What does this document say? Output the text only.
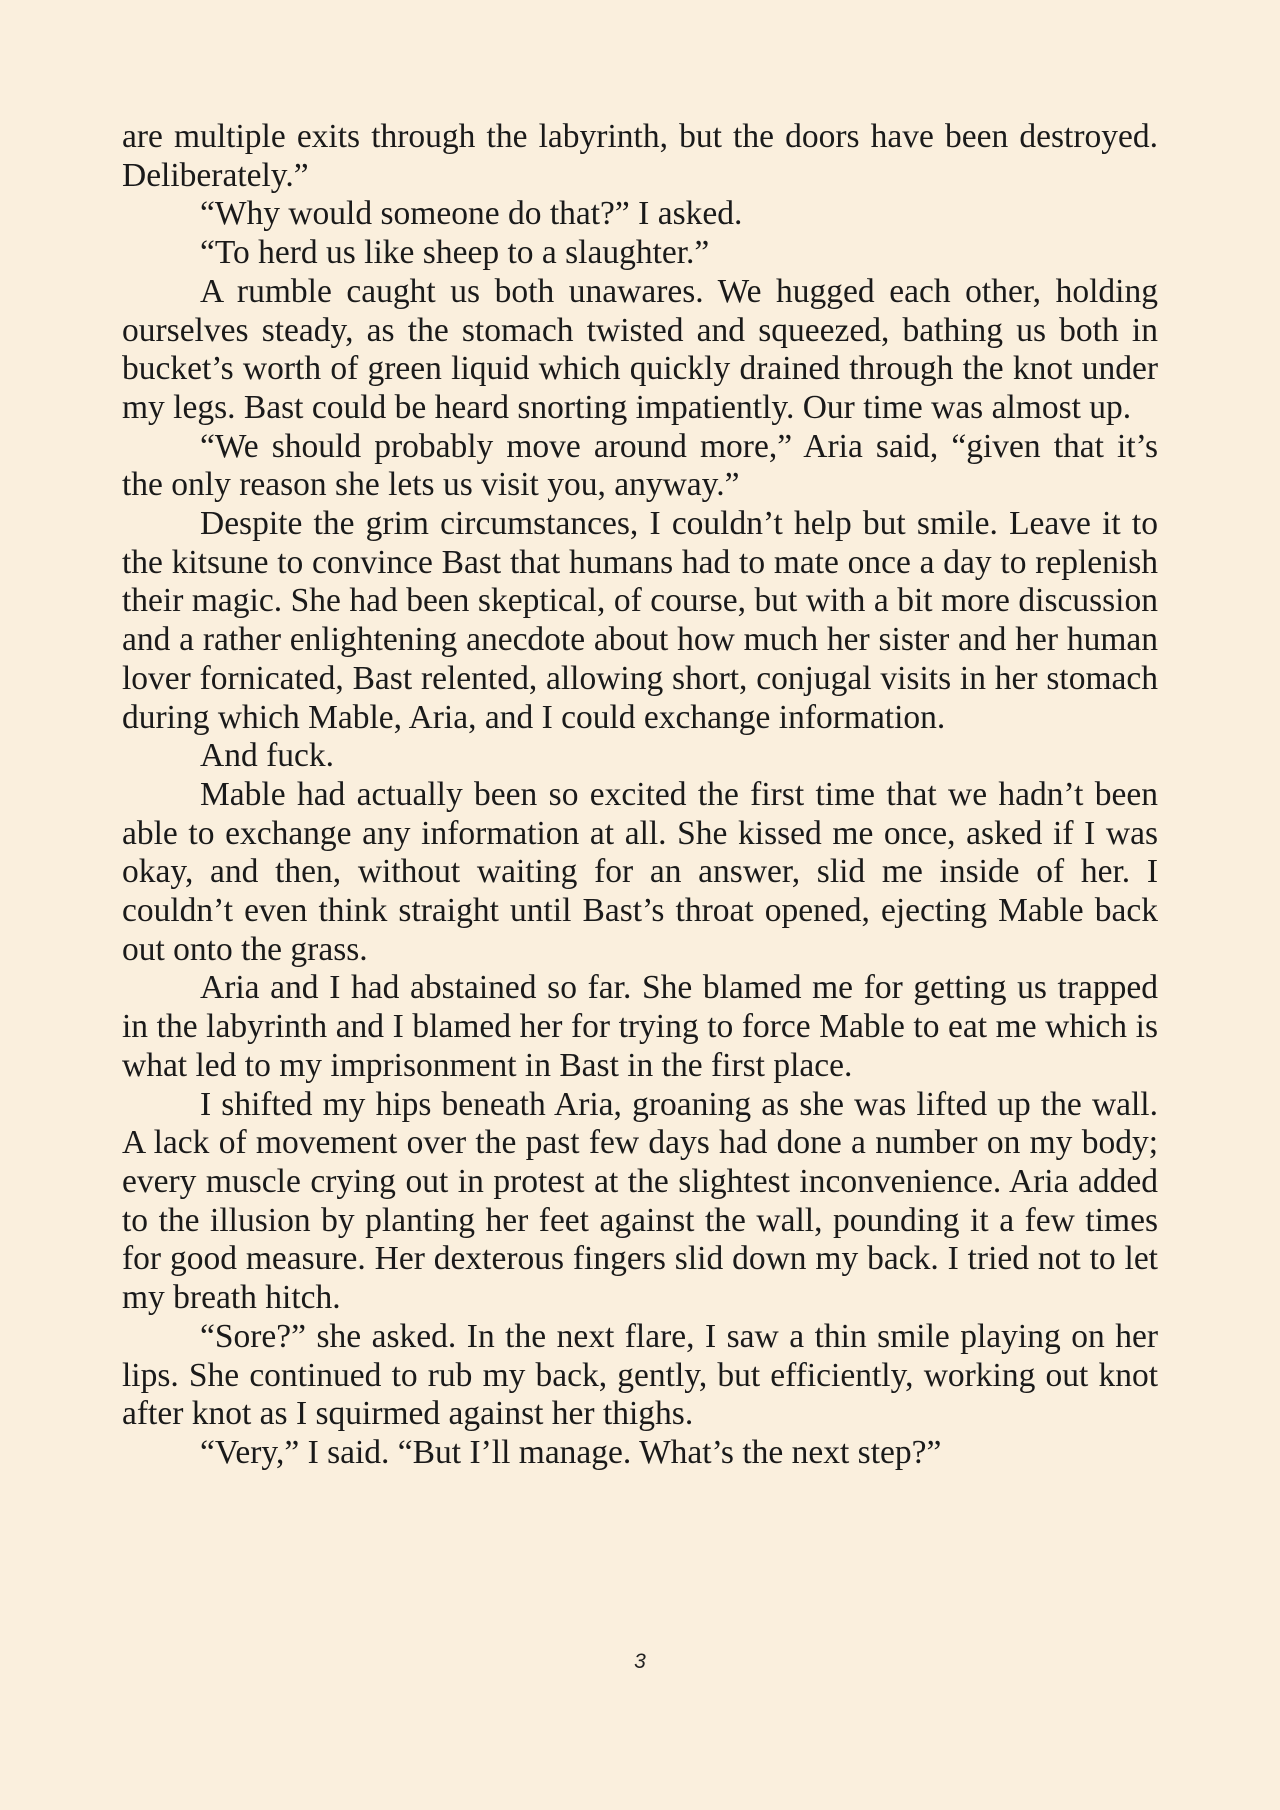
are multiple exits through the labyrinth, but the doors have been destroyed. Deliberately.”

“Why would someone do that?” I asked.

“To herd us like sheep to a slaughter.”

A rumble caught us both unawares. We hugged each other, holding ourselves steady, as the stomach twisted and squeezed, bathing us both in bucket’s worth of green liquid which quickly drained through the knot under my legs. Bast could be heard snorting impatiently. Our time was almost up.

“We should probably move around more,” Aria said, “given that it’s the only reason she lets us visit you, anyway.”

Despite the grim circumstances, I couldn’t help but smile. Leave it to the kitsune to convince Bast that humans had to mate once a day to replenish their magic. She had been skeptical, of course, but with a bit more discussion and a rather enlightening anecdote about how much her sister and her human lover fornicated, Bast relented, allowing short, conjugal visits in her stomach during which Mable, Aria, and I could exchange information.

And fuck.

Mable had actually been so excited the first time that we hadn’t been able to exchange any information at all. She kissed me once, asked if I was okay, and then, without waiting for an answer, slid me inside of her. I couldn’t even think straight until Bast’s throat opened, ejecting Mable back out onto the grass.

Aria and I had abstained so far. She blamed me for getting us trapped in the labyrinth and I blamed her for trying to force Mable to eat me which is what led to my imprisonment in Bast in the first place.

I shifted my hips beneath Aria, groaning as she was lifted up the wall. A lack of movement over the past few days had done a number on my body; every muscle crying out in protest at the slightest inconvenience. Aria added to the illusion by planting her feet against the wall, pounding it a few times for good measure. Her dexterous fingers slid down my back. I tried not to let my breath hitch.

“Sore?” she asked. In the next flare, I saw a thin smile playing on her lips. She continued to rub my back, gently, but efficiently, working out knot after knot as I squirmed against her thighs.

“Very,” I said. “But I’ll manage. What’s the next step?”

3
